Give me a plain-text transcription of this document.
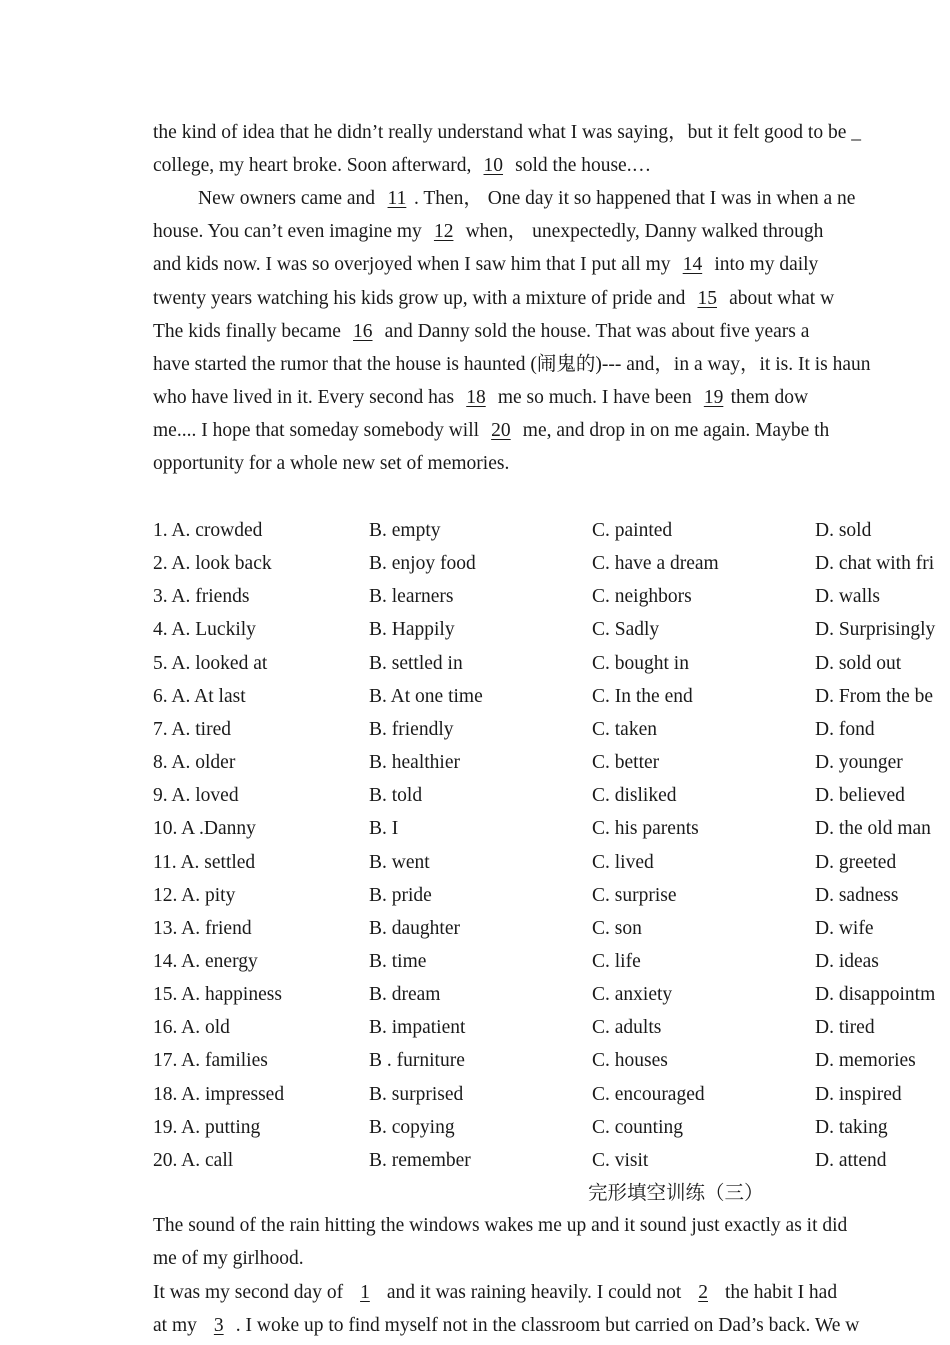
the kind of idea that he didn’t really understand what I was saying，but it felt good to be _
college, my heart broke. Soon afterward, 10 sold the house.…
New owners came and 11 . Then， One day it so happened that I was in when a ne
house. You can’t even imagine my 12 when， unexpectedly, Danny walked through
and kids now. I was so overjoyed when I saw him that I put all my 14 into my daily
twenty years watching his kids grow up, with a mixture of pride and 15 about what w
The kids finally became 16 and Danny sold the house. That was about five years a
have started the rumor that the house is haunted (闹鬼的)--- and，in a way，it is. It is haun
who have lived in it. Every second has 18 me so much. I have been 19 them dow
me.... I hope that someday somebody will 20 me, and drop in on me again. Maybe th
opportunity for a whole new set of memories.
1. A. crowded	B. empty	C. painted	D. sold
2. A. look back	B. enjoy food	C. have a dream	D. chat with fri
3. A. friends	B. learners	C. neighbors	D. walls
4. A. Luckily	B. Happily	C. Sadly	D. Surprisingly
5. A. looked at	B. settled in	C. bought in	D. sold out
6. A. At last	B. At one time	C. In the end	D. From the be
7. A. tired	B. friendly	C. taken	D. fond
8. A. older	B. healthier	C. better	D. younger
9. A. loved	B. told	C. disliked	D. believed
10. A .Danny	B. I	C. his parents	D. the old man
11. A. settled	B. went	C. lived	D. greeted
12. A. pity	B. pride	C. surprise	D. sadness
13. A. friend	B. daughter	C. son	D. wife
14. A. energy	B. time	C. life	D. ideas
15. A. happiness	B. dream	C. anxiety	D. disappointm
16. A. old	B. impatient	C. adults	D. tired
17. A. families	B . furniture	C. houses	D. memories
18. A. impressed	B. surprised	C. encouraged	D. inspired
19. A. putting	B. copying	C. counting	D. taking
20. A. call	B. remember	C. visit	D. attend
完形填空训练（三）
The sound of the rain hitting the windows wakes me up and it sound just exactly as it did
me of my girlhood.
It was my second day of 1 and it was raining heavily. I could not 2 the habit I had
at my 3 . I woke up to find myself not in the classroom but carried on Dad’s back. We w
